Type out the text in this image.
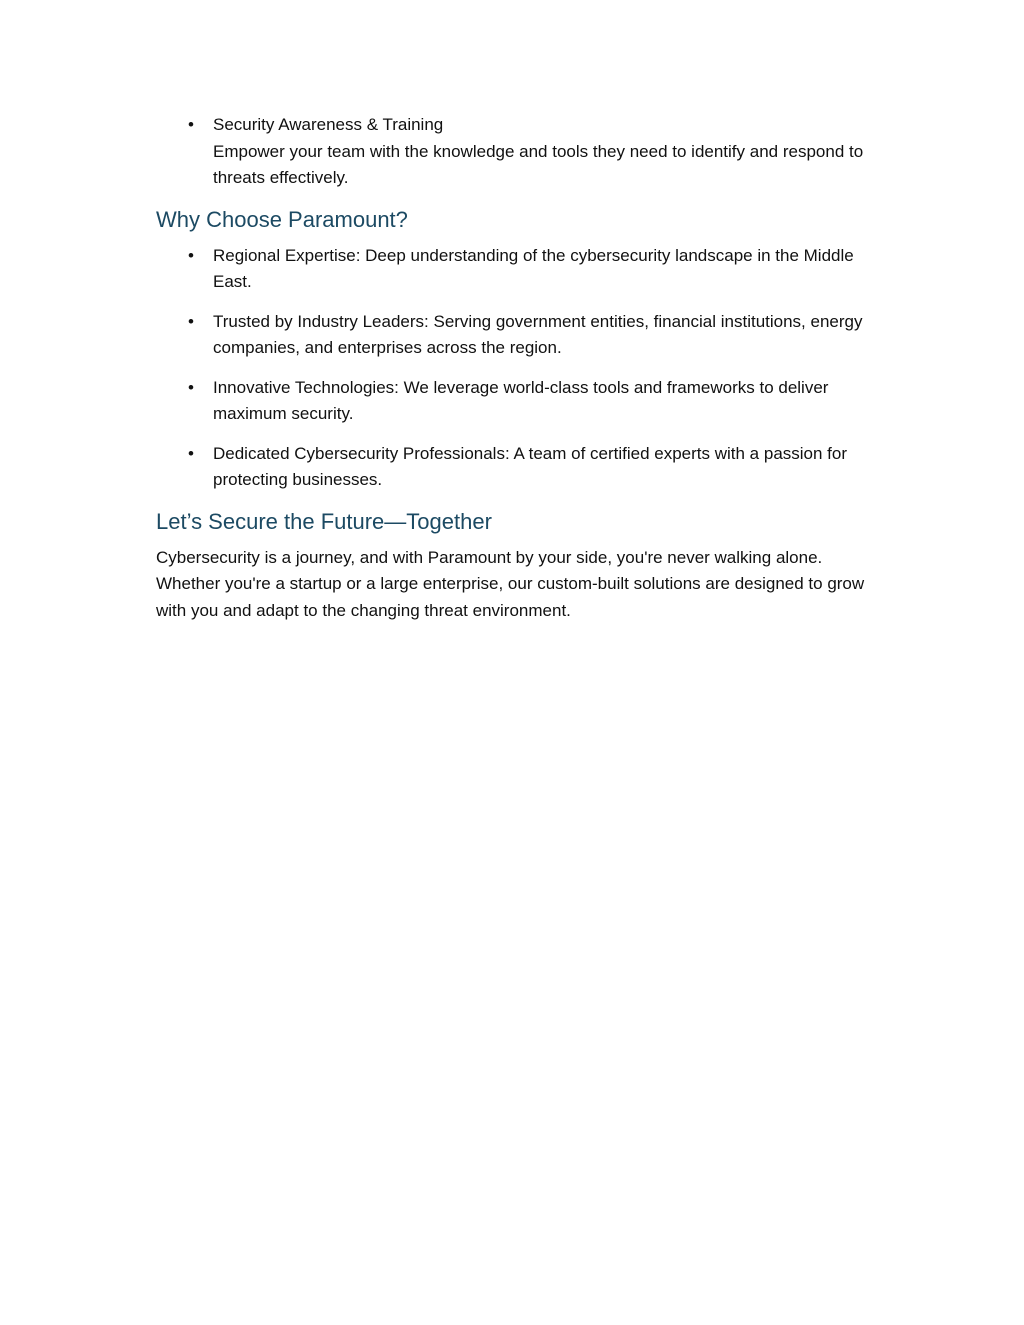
• Security Awareness & Training
Empower your team with the knowledge and tools they need to identify and respond to threats effectively.
Why Choose Paramount?
• Regional Expertise: Deep understanding of the cybersecurity landscape in the Middle East.
• Trusted by Industry Leaders: Serving government entities, financial institutions, energy companies, and enterprises across the region.
• Innovative Technologies: We leverage world-class tools and frameworks to deliver maximum security.
• Dedicated Cybersecurity Professionals: A team of certified experts with a passion for protecting businesses.
Let’s Secure the Future—Together

Cybersecurity is a journey, and with Paramount by your side, you're never walking alone. Whether you're a startup or a large enterprise, our custom-built solutions are designed to grow with you and adapt to the changing threat environment.
